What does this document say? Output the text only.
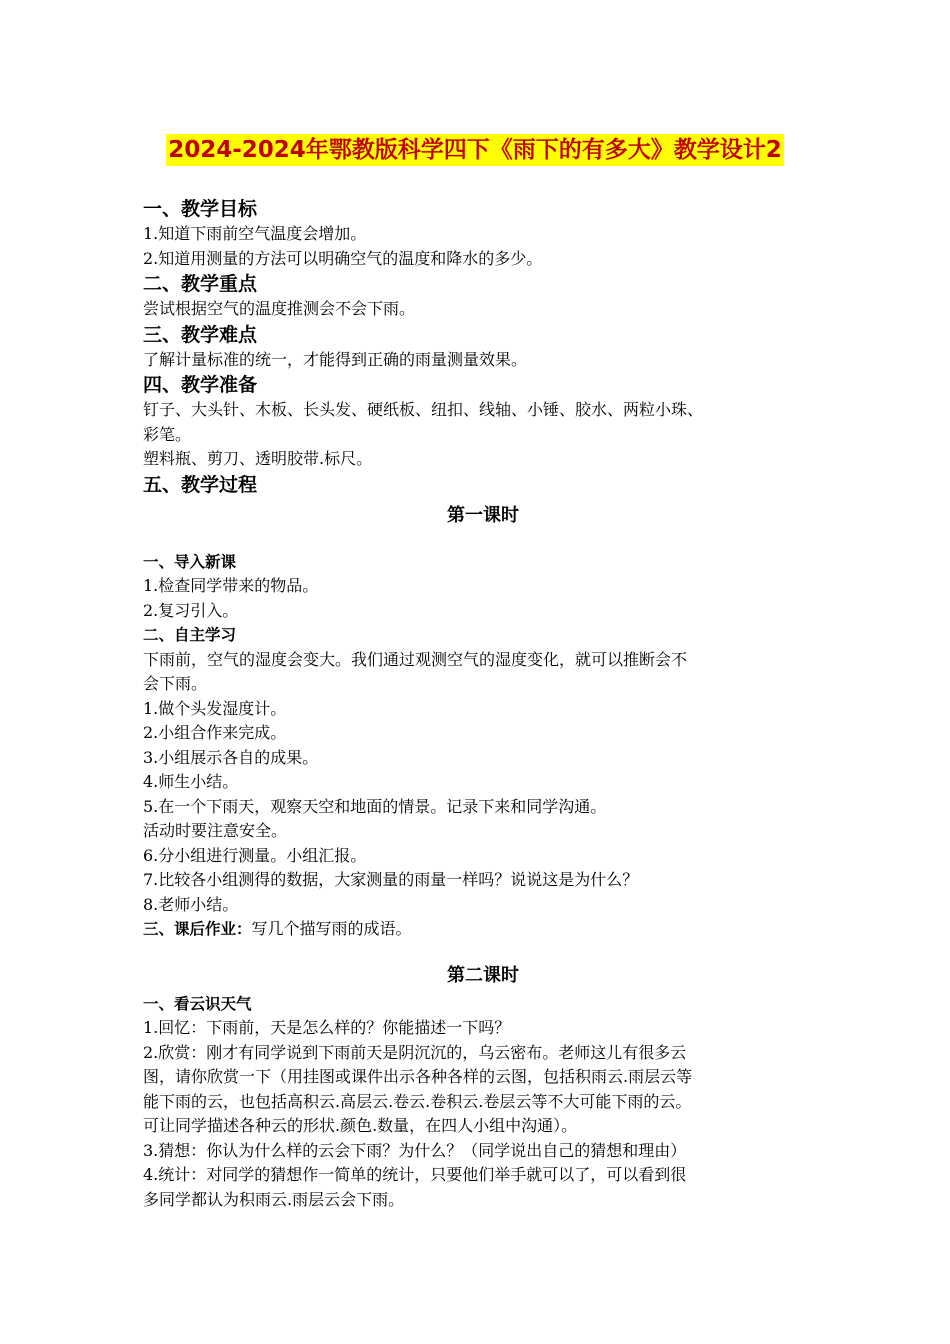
2024-2024年鄂教版科学四下《雨下的有多大》教学设计2
一、教学目标
1.知道下雨前空气温度会增加。
2.知道用测量的方法可以明确空气的温度和降水的多少。
二、教学重点
尝试根据空气的温度推测会不会下雨。
三、教学难点
了解计量标准的统一，才能得到正确的雨量测量效果。
四、教学准备
钉子、大头针、木板、长头发、硬纸板、纽扣、线轴、小锤、胶水、两粒小珠、
彩笔。
塑料瓶、剪刀、透明胶带.标尺。
五、教学过程
第一课时
一、导入新课
1.检查同学带来的物品。
2.复习引入。
二、自主学习
下雨前，空气的湿度会变大。我们通过观测空气的湿度变化，就可以推断会不
会下雨。
1.做个头发湿度计。
2.小组合作来完成。
3.小组展示各自的成果。
4.师生小结。
5.在一个下雨天，观察天空和地面的情景。记录下来和同学沟通。
活动时要注意安全。
6.分小组进行测量。小组汇报。
7.比较各小组测得的数据，大家测量的雨量一样吗？说说这是为什么？
8.老师小结。
三、课后作业：写几个描写雨的成语。
第二课时
一、看云识天气
1.回忆：下雨前，天是怎么样的？你能描述一下吗？
2.欣赏：刚才有同学说到下雨前天是阴沉沉的，乌云密布。老师这儿有很多云
图，请你欣赏一下（用挂图或课件出示各种各样的云图，包括积雨云.雨层云等
能下雨的云，也包括高积云.高层云.卷云.卷积云.卷层云等不大可能下雨的云。
可让同学描述各种云的形状.颜色.数量，在四人小组中沟通）。
3.猜想：你认为什么样的云会下雨？为什么？（同学说出自己的猜想和理由）
4.统计：对同学的猜想作一简单的统计，只要他们举手就可以了，可以看到很
多同学都认为积雨云.雨层云会下雨。
